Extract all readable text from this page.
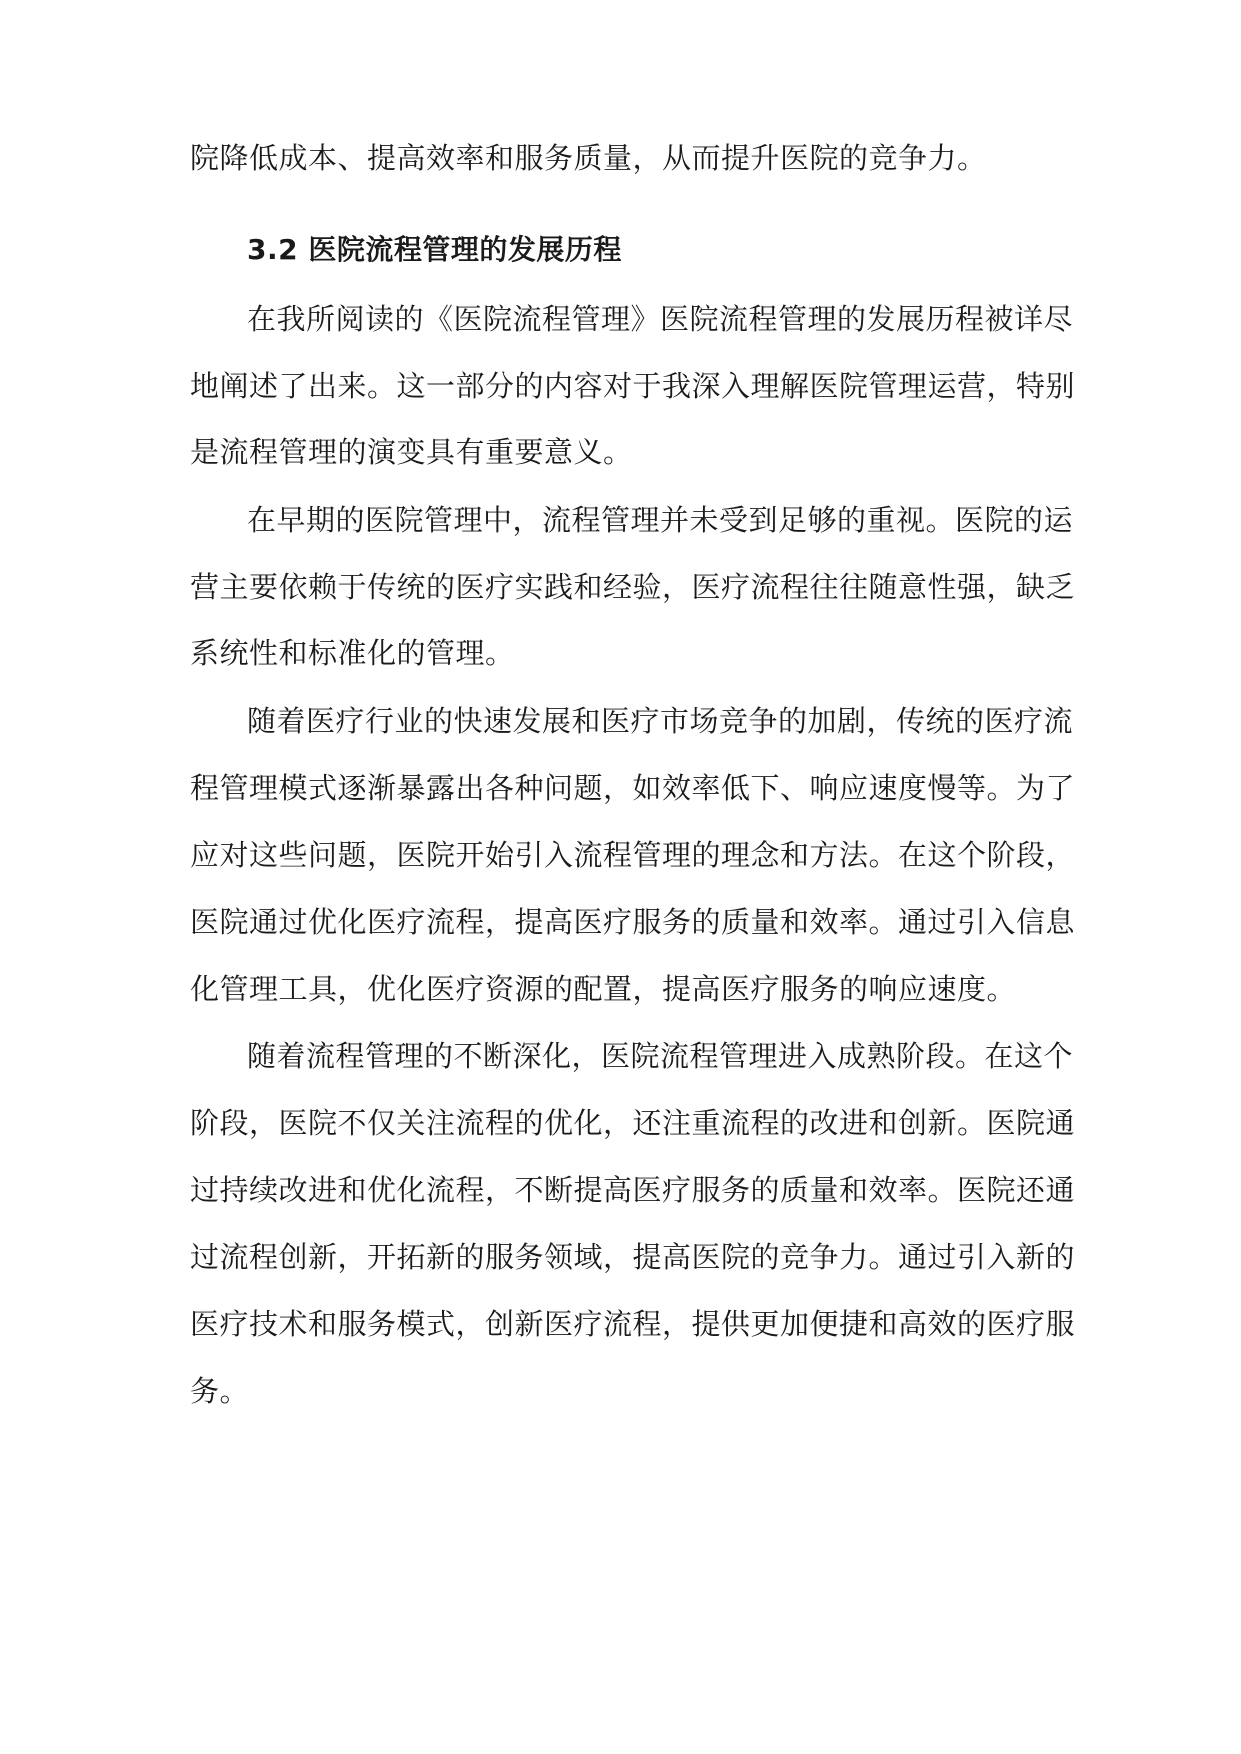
院降低成本、提高效率和服务质量，从而提升医院的竞争力。
3.2 医院流程管理的发展历程
在我所阅读的《医院流程管理》医院流程管理的发展历程被详尽
地阐述了出来。这一部分的内容对于我深入理解医院管理运营，特别
是流程管理的演变具有重要意义。
在早期的医院管理中，流程管理并未受到足够的重视。医院的运
营主要依赖于传统的医疗实践和经验，医疗流程往往随意性强，缺乏
系统性和标准化的管理。
随着医疗行业的快速发展和医疗市场竞争的加剧，传统的医疗流
程管理模式逐渐暴露出各种问题，如效率低下、响应速度慢等。为了
应对这些问题，医院开始引入流程管理的理念和方法。在这个阶段，
医院通过优化医疗流程，提高医疗服务的质量和效率。通过引入信息
化管理工具，优化医疗资源的配置，提高医疗服务的响应速度。
随着流程管理的不断深化，医院流程管理进入成熟阶段。在这个
阶段，医院不仅关注流程的优化，还注重流程的改进和创新。医院通
过持续改进和优化流程，不断提高医疗服务的质量和效率。医院还通
过流程创新，开拓新的服务领域，提高医院的竞争力。通过引入新的
医疗技术和服务模式，创新医疗流程，提供更加便捷和高效的医疗服
务。
